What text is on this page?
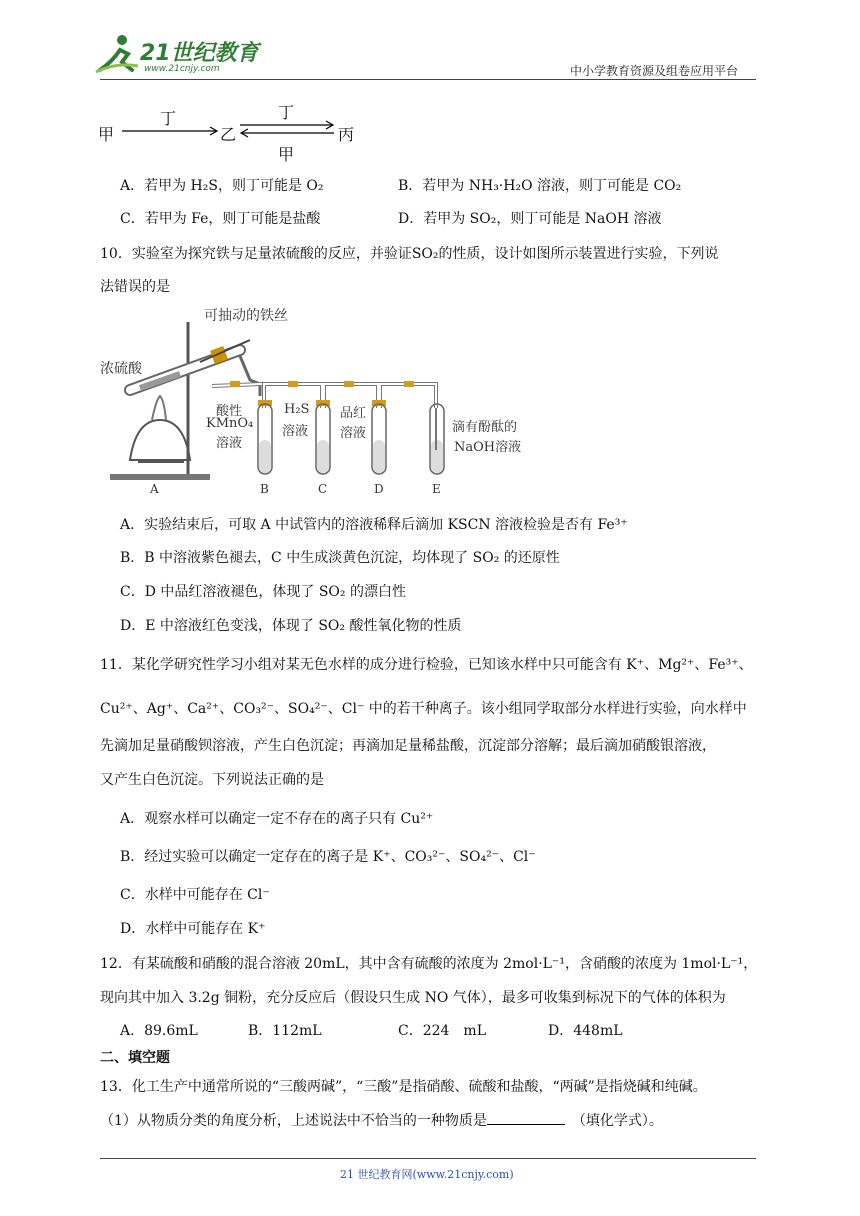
21世纪教育
www.21cnjy.com	中小学教育资源及组卷应用平台
甲
丁
乙
丁
甲
丙
A．若甲为 H₂S，则丁可能是 O₂	B．若甲为 NH₃·H₂O 溶液，则丁可能是 CO₂
C．若甲为 Fe，则丁可能是盐酸	D．若甲为 SO₂，则丁可能是 NaOH 溶液
10．实验室为探究铁与足量浓硫酸的反应，并验证SO₂的性质，设计如图所示装置进行实验，下列说
法错误的是
可抽动的铁丝
浓硫酸
酸性
KMnO₄
溶液
H₂S
溶液
品红
溶液	滴有酚酞的
NaOH溶液
A	B	C	D	E
A．实验结束后，可取 A 中试管内的溶液稀释后滴加 KSCN 溶液检验是否有 Fe³⁺
B．B 中溶液紫色褪去，C 中生成淡黄色沉淀，均体现了 SO₂ 的还原性
C．D 中品红溶液褪色，体现了 SO₂ 的漂白性
D．E 中溶液红色变浅，体现了 SO₂ 酸性氧化物的性质
11．某化学研究性学习小组对某无色水样的成分进行检验，已知该水样中只可能含有 K⁺、Mg²⁺、Fe³⁺、
Cu²⁺、Ag⁺、Ca²⁺、CO₃²⁻、SO₄²⁻、Cl⁻ 中的若干种离子。该小组同学取部分水样进行实验，向水样中
先滴加足量硝酸钡溶液，产生白色沉淀；再滴加足量稀盐酸，沉淀部分溶解；最后滴加硝酸银溶液，
又产生白色沉淀。下列说法正确的是
A．观察水样可以确定一定不存在的离子只有 Cu²⁺
B．经过实验可以确定一定存在的离子是 K⁺、CO₃²⁻、SO₄²⁻、Cl⁻
C．水样中可能存在 Cl⁻
D．水样中可能存在 K⁺
12．有某硫酸和硝酸的混合溶液 20mL，其中含有硫酸的浓度为 2mol·L⁻¹，含硝酸的浓度为 1mol·L⁻¹，
现向其中加入 3.2g 铜粉，充分反应后（假设只生成 NO 气体），最多可收集到标况下的气体的体积为
A．89.6mL	B．112mL	C．224　mL	D．448mL
二、填空题
13．化工生产中通常所说的“三酸两碱”，“三酸”是指硝酸、硫酸和盐酸，“两碱”是指烧碱和纯碱。
（1）从物质分类的角度分析，上述说法中不恰当的一种物质是　	（填化学式）。
21 世纪教育网(www.21cnjy.com)
